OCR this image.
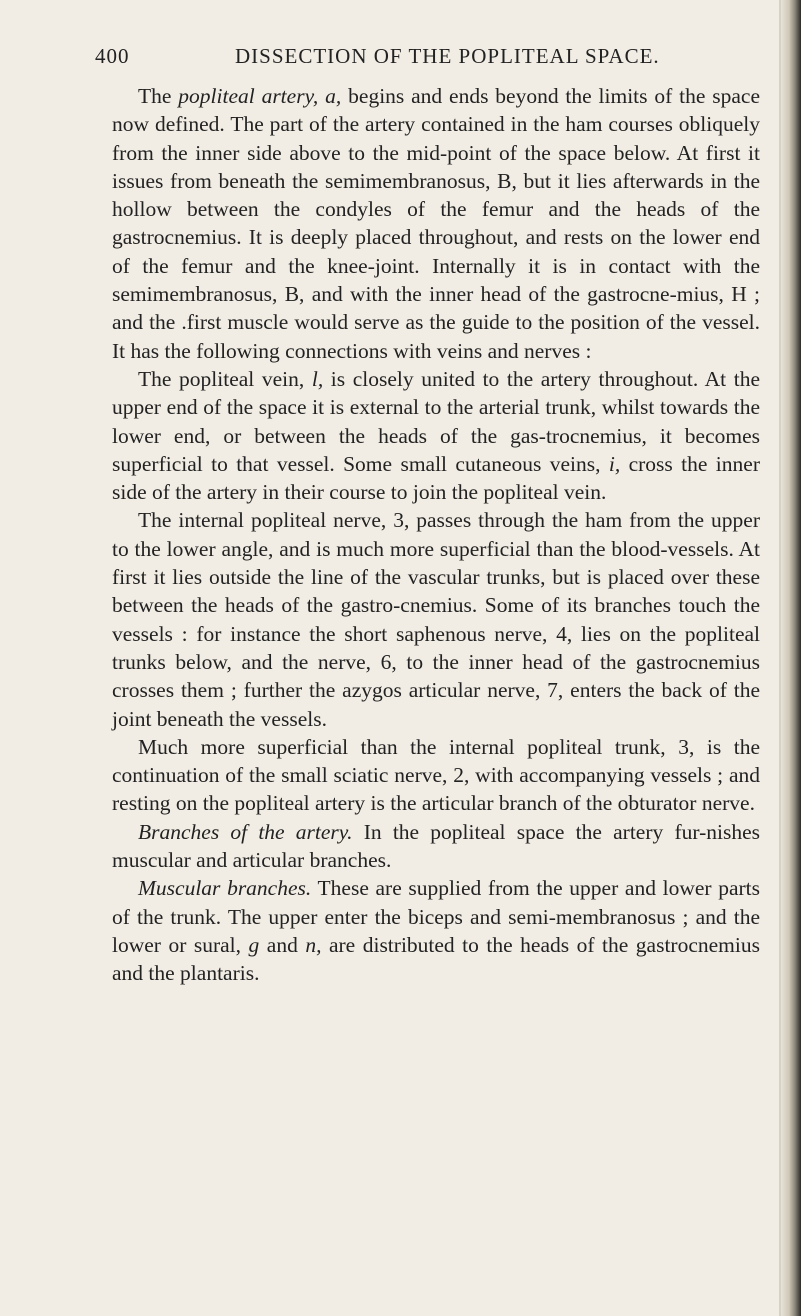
400	DISSECTION OF THE POPLITEAL SPACE.

The popliteal artery, a, begins and ends beyond the limits of the space now defined. The part of the artery contained in the ham courses obliquely from the inner side above to the mid-point of the space below. At first it issues from beneath the semimembranosus, B, but it lies afterwards in the hollow between the condyles of the femur and the heads of the gastrocnemius. It is deeply placed throughout, and rests on the lower end of the femur and the knee-joint. Internally it is in contact with the semimembranosus, B, and with the inner head of the gastrocne-mius, H ; and the .first muscle would serve as the guide to the position of the vessel. It has the following connections with veins and nerves :

The popliteal vein, l, is closely united to the artery throughout. At the upper end of the space it is external to the arterial trunk, whilst towards the lower end, or between the heads of the gas-trocnemius, it becomes superficial to that vessel. Some small cutaneous veins, i, cross the inner side of the artery in their course to join the popliteal vein.

The internal popliteal nerve, 3, passes through the ham from the upper to the lower angle, and is much more superficial than the blood-vessels. At first it lies outside the line of the vascular trunks, but is placed over these between the heads of the gastro-cnemius. Some of its branches touch the vessels : for instance the short saphenous nerve, 4, lies on the popliteal trunks below, and the nerve, 6, to the inner head of the gastrocnemius crosses them ; further the azygos articular nerve, 7, enters the back of the joint beneath the vessels.

Much more superficial than the internal popliteal trunk, 3, is the continuation of the small sciatic nerve, 2, with accompanying vessels ; and resting on the popliteal artery is the articular branch of the obturator nerve.

Branches of the artery. In the popliteal space the artery fur-nishes muscular and articular branches.

Muscular branches. These are supplied from the upper and lower parts of the trunk. The upper enter the biceps and semi-membranosus ; and the lower or sural, g and n, are distributed to the heads of the gastrocnemius and the plantaris.
